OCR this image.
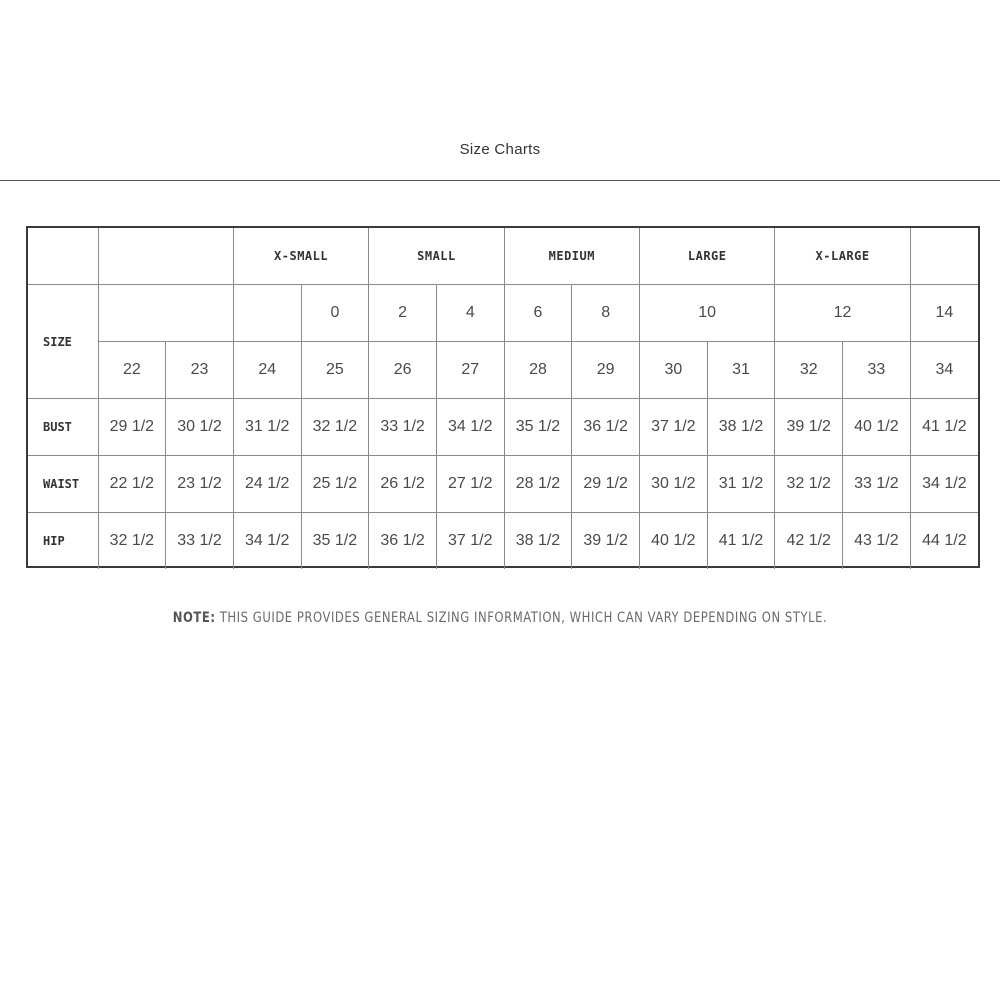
Size Charts
			X-SMALL		SMALL		MEDIUM		LARGE		X-LARGE		
SIZE				0	2	4	6	8	10		12		14
	22	23	24	25	26	27	28	29	30	31	32	33	34
BUST	29 1/2	30 1/2	31 1/2	32 1/2	33 1/2	34 1/2	35 1/2	36 1/2	37 1/2	38 1/2	39 1/2	40 1/2	41 1/2
WAIST	22 1/2	23 1/2	24 1/2	25 1/2	26 1/2	27 1/2	28 1/2	29 1/2	30 1/2	31 1/2	32 1/2	33 1/2	34 1/2
HIP	32 1/2	33 1/2	34 1/2	35 1/2	36 1/2	37 1/2	38 1/2	39 1/2	40 1/2	41 1/2	42 1/2	43 1/2	44 1/2
NOTE: THIS GUIDE PROVIDES GENERAL SIZING INFORMATION, WHICH CAN VARY DEPENDING ON STYLE.
